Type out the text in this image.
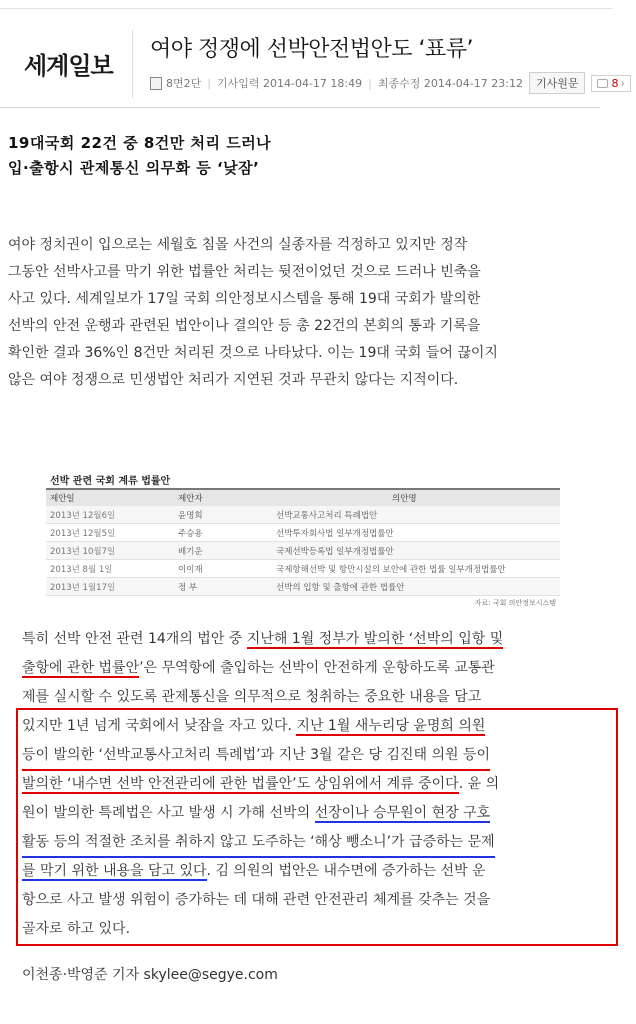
세계일보
여야 정쟁에 선박안전법안도 ‘표류’
8면2단 | 기사입력
2014-04-17 18:49 | 최종수정
2014-04-17 23:12	기사원문	8 ›
19대국회 22건 중 8건만 처리 드러나
입·출항시 관제통신 의무화 등 ‘낮잠’
여야 정치권이 입으로는 세월호 침몰 사건의 실종자를 걱정하고 있지만 정작
그동안 선박사고를 막기 위한 법률안 처리는 뒷전이었던 것으로 드러나 빈축을
사고 있다. 세계일보가 17일 국회 의안정보시스템을 통해 19대 국회가 발의한
선박의 안전 운행과 관련된 법안이나 결의안 등 총 22건의 본회의 통과 기록을
확인한 결과 36%인 8건만 처리된 것으로 나타났다. 이는 19대 국회 들어 끊이지
않은 여야 정쟁으로 민생법안 처리가 지연된 것과 무관치 않다는 지적이다.
선박 관련 국회 계류 법률안
제안일	제안자	의안명
2013년 12월6일	윤명희	선박교통사고처리 특례법안
2013년 12월5일	주승용	선박투자회사법 일부개정법률안
2013년 10월7일	배기운	국제선박등록법 일부개정법률안
2013년 8월 1일	이이재	국제항해선박 및 항만시설의 보안에 관한 법률 일부개정법률안
2013년 1월17일	정 부	선박의 입항 및 출항에 관한 법률안
자료: 국회 의안정보시스템
특히 선박 안전 관련 14개의 법안 중 지난해 1월 정부가 발의한 ‘선박의 입항 및
출항에 관한 법률안’은 무역항에 출입하는 선박이 안전하게 운항하도록 교통관
제를 실시할 수 있도록 관제통신을 의무적으로 청취하는 중요한 내용을 담고
있지만 1년 넘게 국회에서 낮잠을 자고 있다. 지난 1월 새누리당 윤명희 의원
등이 발의한 ‘선박교통사고처리 특례법’과 지난 3월 같은 당 김진태 의원 등이
발의한 ‘내수면 선박 안전관리에 관한 법률안’도 상임위에서 계류 중이다. 윤 의
원이 발의한 특례법은 사고 발생 시 가해 선박의 선장이나 승무원이 현장 구호
활동 등의 적절한 조치를 취하지 않고 도주하는 ‘해상 뺑소니’가 급증하는 문제
를 막기 위한 내용을 담고 있다. 김 의원의 법안은 내수면에 증가하는 선박 운
항으로 사고 발생 위험이 증가하는 데 대해 관련 안전관리 체계를 갖추는 것을
골자로 하고 있다.
이천종·박영준 기자 skylee@segye.com
